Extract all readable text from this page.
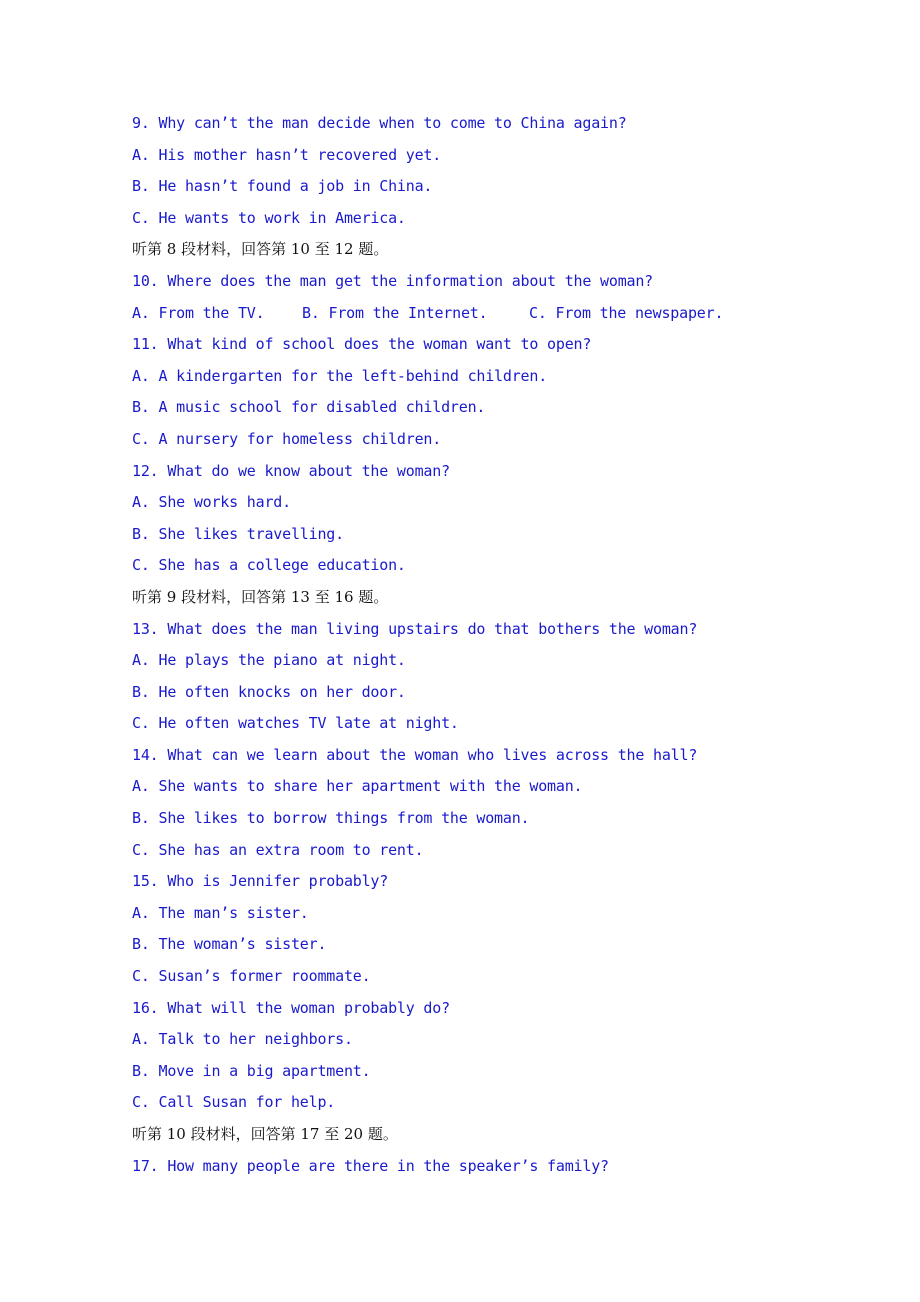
9. Why can’t the man decide when to come to China again?
A. His mother hasn’t recovered yet.
B. He hasn’t found a job in China.
C. He wants to work in America.
听第 8 段材料，回答第 10 至 12 题。
10. Where does the man get the information about the woman?
A. From the TV.	B. From the Internet.	C. From the newspaper.
11. What kind of school does the woman want to open?
A. A kindergarten for the left-behind children.
B. A music school for disabled children.
C. A nursery for homeless children.
12. What do we know about the woman?
A. She works hard.
B. She likes travelling.
C. She has a college education.
听第 9 段材料，回答第 13 至 16 题。
13. What does the man living upstairs do that bothers the woman?
A. He plays the piano at night.
B. He often knocks on her door.
C. He often watches TV late at night.
14. What can we learn about the woman who lives across the hall?
A. She wants to share her apartment with the woman.
B. She likes to borrow things from the woman.
C. She has an extra room to rent.
15. Who is Jennifer probably?
A. The man’s sister.
B. The woman’s sister.
C. Susan’s former roommate.
16. What will the woman probably do?
A. Talk to her neighbors.
B. Move in a big apartment.
C. Call Susan for help.
听第 10 段材料，回答第 17 至 20 题。
17. How many people are there in the speaker’s family?
